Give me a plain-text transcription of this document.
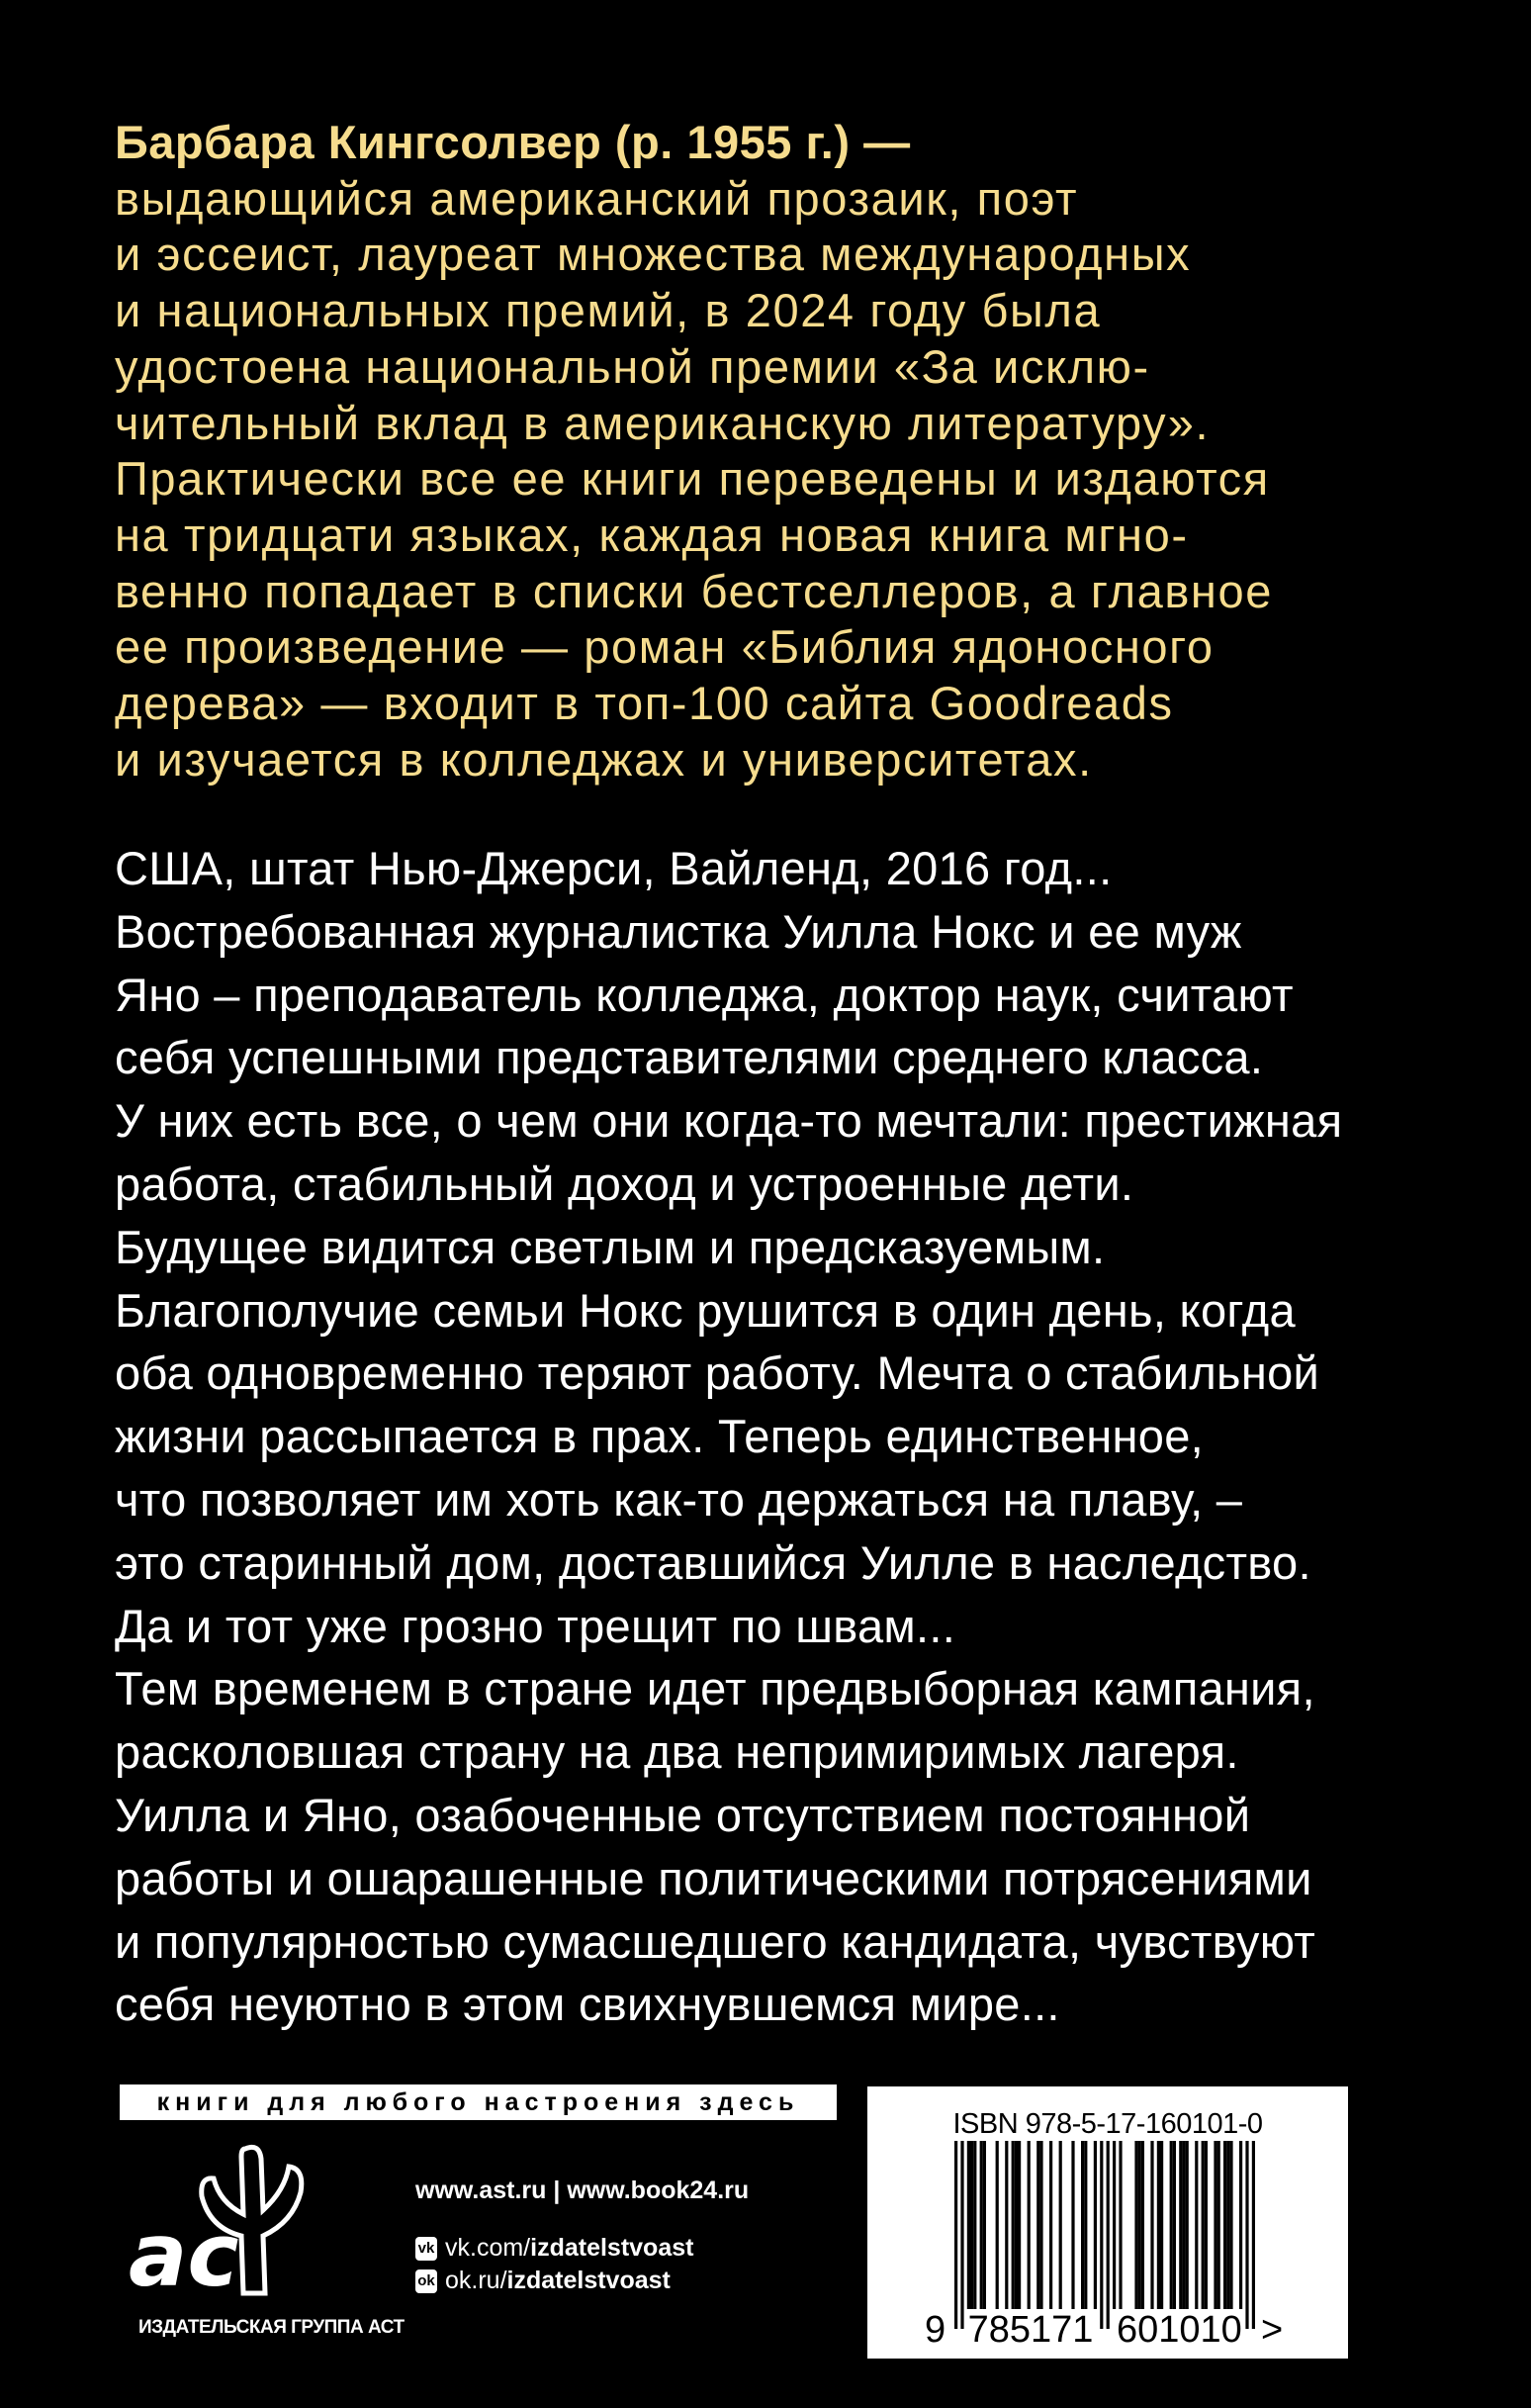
Барбара Кингсолвер (р. 1955 г.) —
выдающийся американский прозаик, поэт
и эссеист, лауреат множества международных
и национальных премий, в 2024 году была
удостоена национальной премии «За исклю-
чительный вклад в американскую литературу».
Практически все ее книги переведены и издаются
на тридцати языках, каждая новая книга мгно-
венно попадает в списки бестселлеров, а главное
ее произведение — роман «Библия ядоносного
дерева» — входит в топ-100 сайта Goodreads
и изучается в колледжах и университетах.
США, штат Нью-Джерси, Вайленд, 2016 год...
Востребованная журналистка Уилла Нокс и ее муж
Яно – преподаватель колледжа, доктор наук, считают
себя успешными представителями среднего класса.
У них есть все, о чем они когда-то мечтали: престижная
работа, стабильный доход и устроенные дети.
Будущее видится светлым и предсказуемым.
Благополучие семьи Нокс рушится в один день, когда
оба одновременно теряют работу. Мечта о стабильной
жизни рассыпается в прах. Теперь единственное,
что позволяет им хоть как-то держаться на плаву, –
это старинный дом, доставшийся Уилле в наследство.
Да и тот уже грозно трещит по швам...
Тем временем в стране идет предвыборная кампания,
расколовшая страну на два непримиримых лагеря.
Уилла и Яно, озабоченные отсутствием постоянной
работы и ошарашенные политическими потрясениями
и популярностью сумасшедшего кандидата, чувствуют
себя неуютно в этом свихнувшемся мире...
книги для любого настроения здесь
ac
ИЗДАТЕЛЬСКАЯ ГРУППА АСТ
www.ast.ru | www.book24.ru
vk vk.com/izdatelstvoast
ok ok.ru/izdatelstvoast
ISBN 978-5-17-160101-0
9 785171 601010 >
